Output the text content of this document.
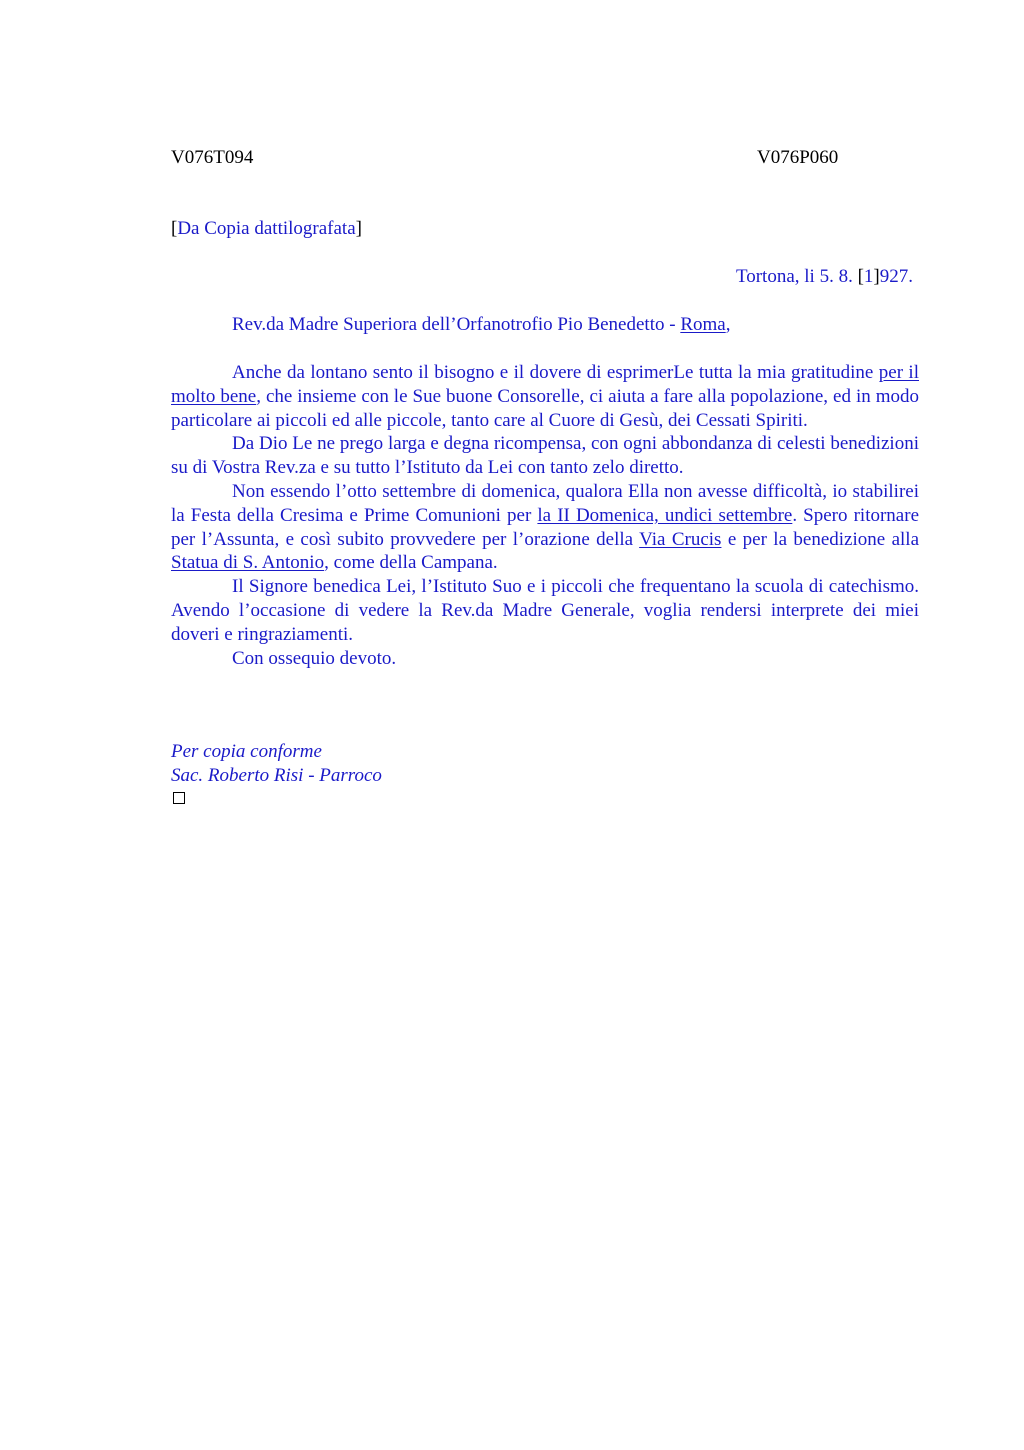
V076T094	V076P060
[Da Copia dattilografata]
Tortona, li 5. 8. [1]927.
Rev.da Madre Superiora dell’Orfanotrofio Pio Benedetto - Roma,

Anche da lontano sento il bisogno e il dovere di esprimerLe tutta la mia gratitudine per il molto bene, che insieme con le Sue buone Consorelle, ci aiuta a fare alla popolazione, ed in modo particolare ai piccoli ed alle piccole, tanto care al Cuore di Gesù, dei Cessati Spiriti.

Da Dio Le ne prego larga e degna ricompensa, con ogni abbondanza di celesti benedizioni su di Vostra Rev.za e su tutto l’Istituto da Lei con tanto zelo diretto.

Non essendo l’otto settembre di domenica, qualora Ella non avesse difficoltà, io stabilirei la Festa della Cresima e Prime Comunioni per la II Domenica, undici settembre. Spero ritornare per l’Assunta, e così subito provvedere per l’orazione della Via Crucis e per la benedizione alla Statua di S. Antonio, come della Campana.

Il Signore benedica Lei, l’Istituto Suo e i piccoli che frequentano la scuola di catechismo. Avendo l’occasione di vedere la Rev.da Madre Generale, voglia rendersi interprete dei miei doveri e ringraziamenti.

Con ossequio devoto.

Per copia conforme
Sac. Roberto Risi - Parroco
